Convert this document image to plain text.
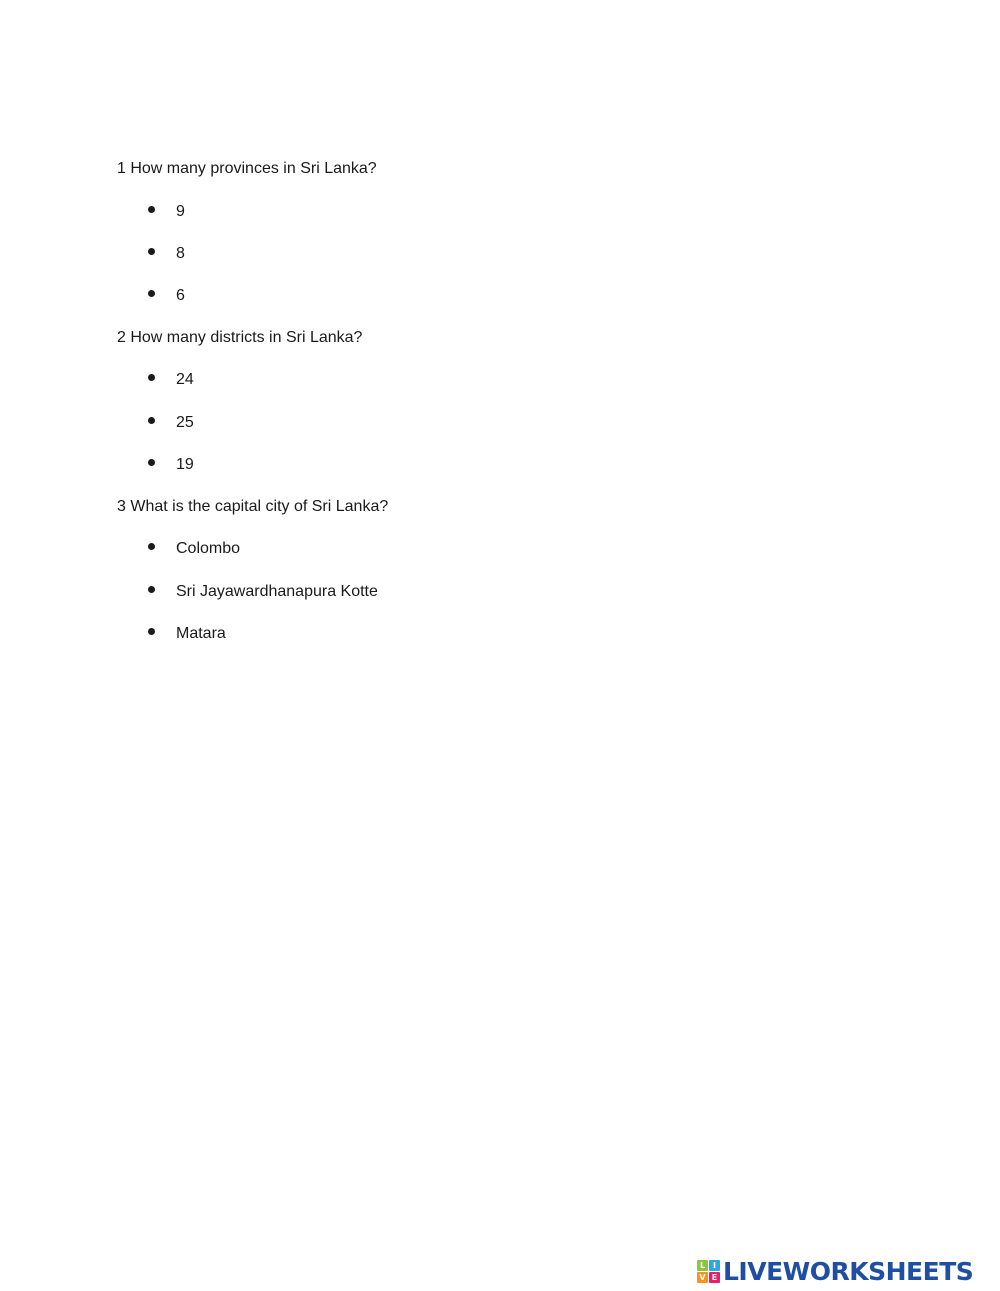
1 How many provinces in Sri Lanka?
9
8
6
2 How many districts in Sri Lanka?
24
25
19
3 What is the capital city of Sri Lanka?
Colombo
Sri Jayawardhanapura Kotte
Matara
L I
V E LIVEWORKSHEETS
